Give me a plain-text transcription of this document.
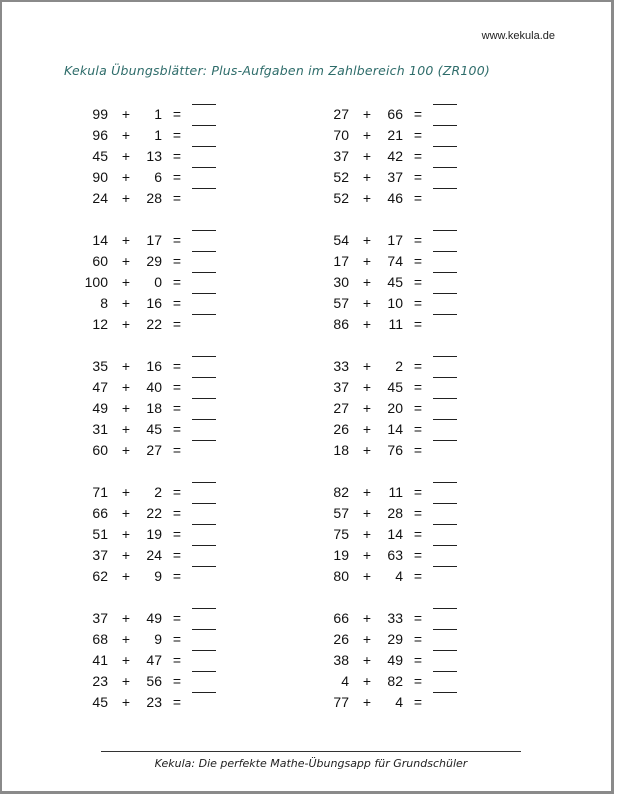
www.kekula.de
Kekula Übungsblätter: Plus-Aufgaben im Zahlbereich 100 (ZR100)
99 +	1 =
96 +	1 =
45 +	13 =
90 +	6 =
24 +	28 =
14 +	17 =
60 +	29 =
100 +	0 =
8 +	16 =
12 +	22 =
35 +	16 =
47 +	40 =
49 +	18 =
31 +	45 =
60 +	27 =
71 +	2 =
66 +	22 =
51 +	19 =
37 +	24 =
62 +	9 =
37 +	49 =
68 +	9 =
41 +	47 =
23 +	56 =
45 +	23 =
27 +	66 =
70 +	21 =
37 +	42 =
52 +	37 =
52 +	46 =
54 +	17 =
17 +	74 =
30 +	45 =
57 +	10 =
86 +	11 =
33 +	2 =
37 +	45 =
27 +	20 =
26 +	14 =
18 +	76 =
82 +	11 =
57 +	28 =
75 +	14 =
19 +	63 =
80 +	4 =
66 +	33 =
26 +	29 =
38 +	49 =
4 +	82 =
77 +	4 =
Kekula: Die perfekte Mathe-Übungsapp für Grundschüler
